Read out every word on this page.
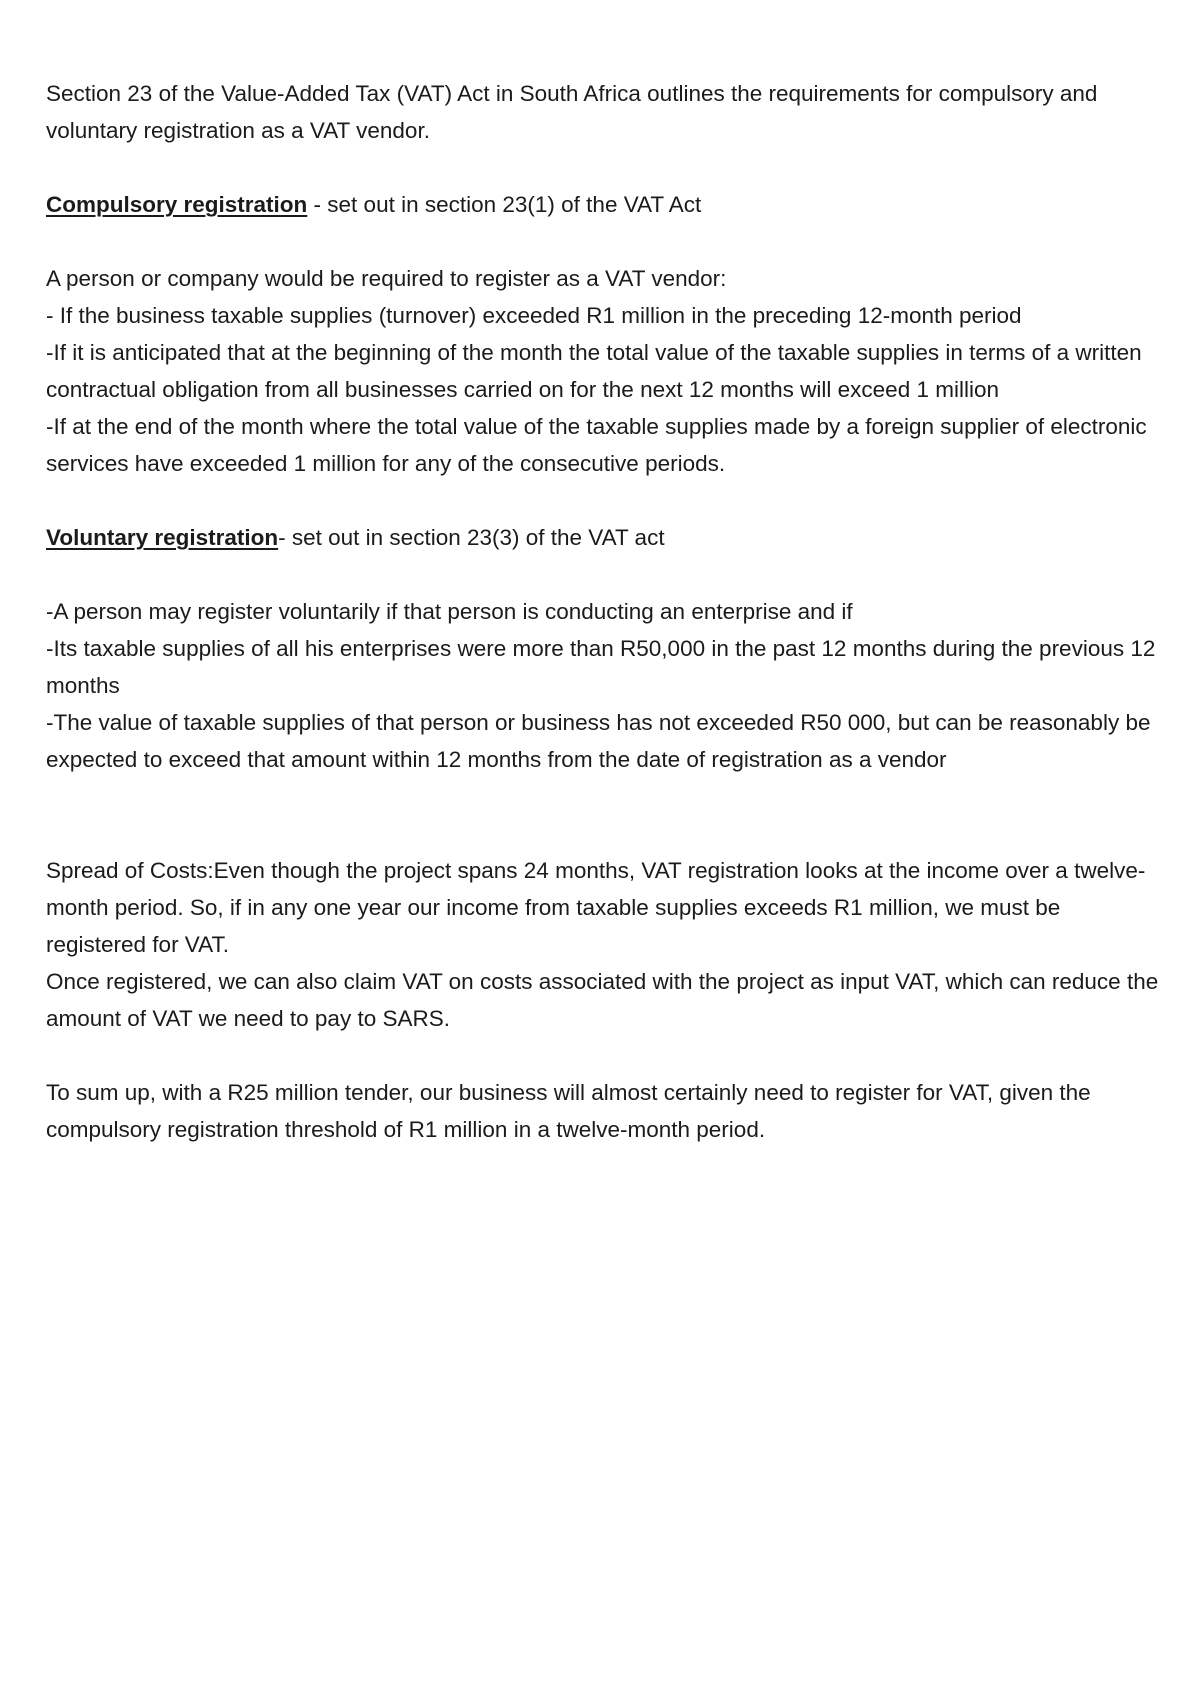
Section 23 of the Value-Added Tax (VAT) Act in South Africa outlines the requirements for compulsory and voluntary registration as a VAT vendor.

Compulsory registration - set out in section 23(1) of the VAT Act

A person or company would be required to register as a VAT vendor:
- If the business taxable supplies (turnover) exceeded R1 million in the preceding 12-month period
-If it is anticipated that at the beginning of the month the total value of the taxable supplies in terms of a written contractual obligation from all businesses carried on for the next 12 months will exceed 1 million
-If at the end of the month where the total value of the taxable supplies made by a foreign supplier of electronic services have exceeded 1 million for any of the consecutive periods.

Voluntary registration- set out in section 23(3) of the VAT act

-A person may register voluntarily if that person is conducting an enterprise and if
-Its taxable supplies of all his enterprises were more than R50,000 in the past 12 months during the previous 12 months
-The value of taxable supplies of that person or business has not exceeded R50 000, but can be reasonably be expected to exceed that amount within 12 months from the date of registration as a vendor
Spread of Costs:Even though the project spans 24 months, VAT registration looks at the income over a twelve-month period. So, if in any one year our income from taxable supplies exceeds R1 million, we must be registered for VAT.
Once registered, we can also claim VAT on costs associated with the project as input VAT, which can reduce the amount of VAT we need to pay to SARS.

To sum up, with a R25 million tender, our business will almost certainly need to register for VAT, given the compulsory registration threshold of R1 million in a twelve-month period.
